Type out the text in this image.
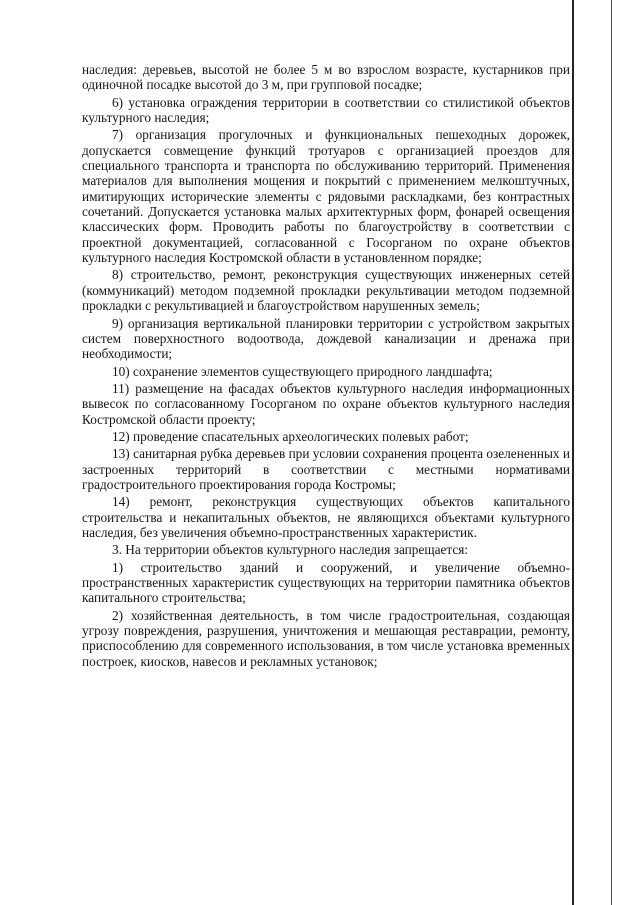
наследия: деревьев, высотой не более 5 м во взрослом возрасте, кустарников при одиночной посадке высотой до 3 м, при групповой посадке;

6) установка ограждения территории в соответствии со стилистикой объектов культурного наследия;

7) организация прогулочных и функциональных пешеходных дорожек, допускается совмещение функций тротуаров с организацией проездов для специального транспорта и транспорта по обслуживанию территорий. Применения материалов для выполнения мощения и покрытий с применением мелкоштучных, имитирующих исторические элементы с рядовыми раскладками, без контрастных сочетаний. Допускается установка малых архитектурных форм, фонарей освещения классических форм. Проводить работы по благоустройству в соответствии с проектной документацией, согласованной с Госорганом по охране объектов культурного наследия Костромской области в установленном порядке;

8) строительство, ремонт, реконструкция существующих инженерных сетей (коммуникаций) методом подземной прокладки рекультивации методом подземной прокладки с рекультивацией и благоустройством нарушенных земель;

9) организация вертикальной планировки территории с устройством закрытых систем поверхностного водоотвода, дождевой канализации и дренажа при необходимости;

10) сохранение элементов существующего природного ландшафта;

11) размещение на фасадах объектов культурного наследия информационных вывесок по согласованному Госорганом по охране объектов культурного наследия Костромской области проекту;

12) проведение спасательных археологических полевых работ;

13) санитарная рубка деревьев при условии сохранения процента озелененных и застроенных территорий в соответствии с местными нормативами градостроительного проектирования города Костромы;

14) ремонт, реконструкция существующих объектов капитального строительства и некапитальных объектов, не являющихся объектами культурного наследия, без увеличения объемно-пространственных характеристик.

3. На территории объектов культурного наследия запрещается:

1) строительство зданий и сооружений, и увеличение объемно-пространственных характеристик существующих на территории памятника объектов капитального строительства;

2) хозяйственная деятельность, в том числе градостроительная, создающая угрозу повреждения, разрушения, уничтожения и мешающая реставрации, ремонту, приспособлению для современного использования, в том числе установка временных построек, киосков, навесов и рекламных установок;
